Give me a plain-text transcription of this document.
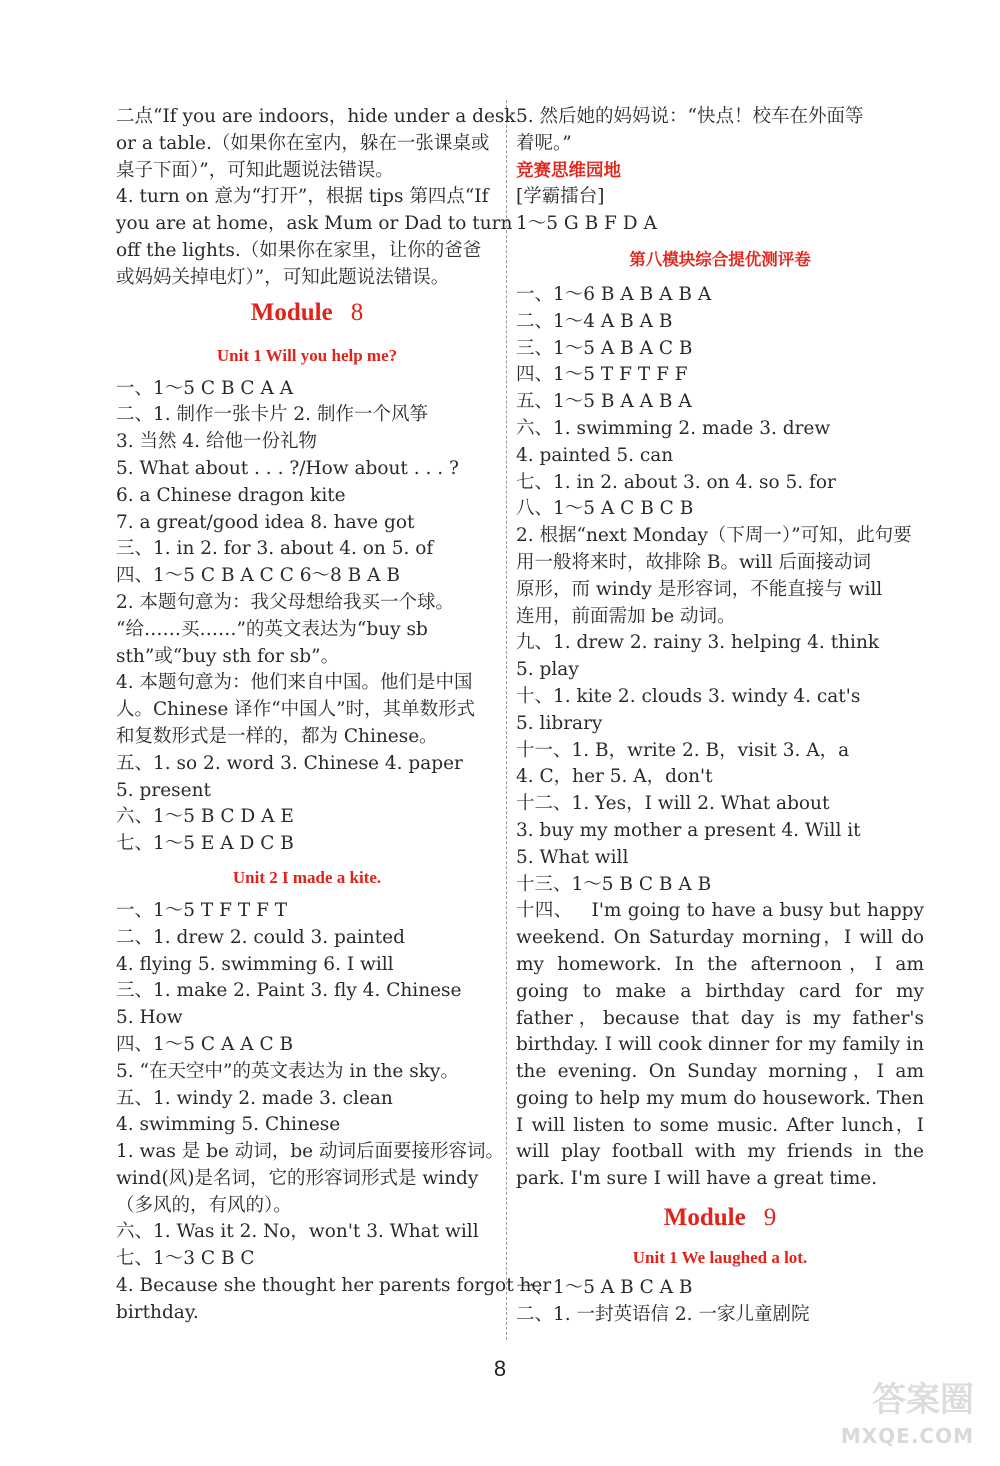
二点“If you are indoors，hide under a desk
or a table.（如果你在室内，躲在一张课桌或
桌子下面）”，可知此题说法错误。
4. turn on 意为“打开”，根据 tips 第四点“If
you are at home，ask Mum or Dad to turn
off the lights.（如果你在家里，让你的爸爸
或妈妈关掉电灯）”，可知此题说法错误。
Module 8
Unit 1 Will you help me?
一、1～5 C B C A A
二、1. 制作一张卡片 2. 制作一个风筝
3. 当然 4. 给他一份礼物
5. What about . . . ?/How about . . . ?
6. a Chinese dragon kite
7. a great/good idea 8. have got
三、1. in 2. for 3. about 4. on 5. of
四、1～5 C B A C C 6～8 B A B
2. 本题句意为：我父母想给我买一个球。
“给……买……”的英文表达为“buy sb
sth”或“buy sth for sb”。
4. 本题句意为：他们来自中国。他们是中国
人。Chinese 译作“中国人”时，其单数形式
和复数形式是一样的，都为 Chinese。
五、1. so 2. word 3. Chinese 4. paper
5. present
六、1～5 B C D A E
七、1～5 E A D C B
Unit 2 I made a kite.
一、1～5 T F T F T
二、1. drew 2. could 3. painted
4. flying 5. swimming 6. I will
三、1. make 2. Paint 3. fly 4. Chinese
5. How
四、1～5 C A A C B
5. “在天空中”的英文表达为 in the sky。
五、1. windy 2. made 3. clean
4. swimming 5. Chinese
1. was 是 be 动词，be 动词后面要接形容词。
wind(风)是名词，它的形容词形式是 windy
（多风的，有风的）。
六、1. Was it 2. No，won't 3. What will
七、1～3 C B C
4. Because she thought her parents forgot her
birthday.
5. 然后她的妈妈说：“快点！校车在外面等
着呢。”
竞赛思维园地
[学霸擂台]
1～5 G B F D A
第八模块综合提优测评卷
一、1～6 B A B A B A
二、1～4 A B A B
三、1～5 A B A C B
四、1～5 T F T F F
五、1～5 B A A B A
六、1. swimming 2. made 3. drew
4. painted 5. can
七、1. in 2. about 3. on 4. so 5. for
八、1～5 A C B C B
2. 根据“next Monday（下周一）”可知，此句要
用一般将来时，故排除 B。will 后面接动词
原形，而 windy 是形容词，不能直接与 will
连用，前面需加 be 动词。
九、1. drew 2. rainy 3. helping 4. think
5. play
十、1. kite 2. clouds 3. windy 4. cat's
5. library
十一、1. B，write 2. B，visit 3. A，a
4. C，her 5. A，don't
十二、1. Yes，I will 2. What about
3. buy my mother a present 4. Will it
5. What will
十三、1～5 B C B A B
十四、 I'm going to have a busy but happy weekend. On Saturday morning，I will do my homework. In the afternoon，I am going to make a birthday card for my father，because that day is my father's birthday. I will cook dinner for my family in the evening. On Sunday morning，I am going to help my mum do housework. Then I will listen to some music. After lunch，I will play football with my friends in the park. I'm sure I will have a great time.
Module 9
Unit 1 We laughed a lot.
一、1～5 A B C A B
二、1. 一封英语信 2. 一家儿童剧院
8
答案圈
MXQE.COM
